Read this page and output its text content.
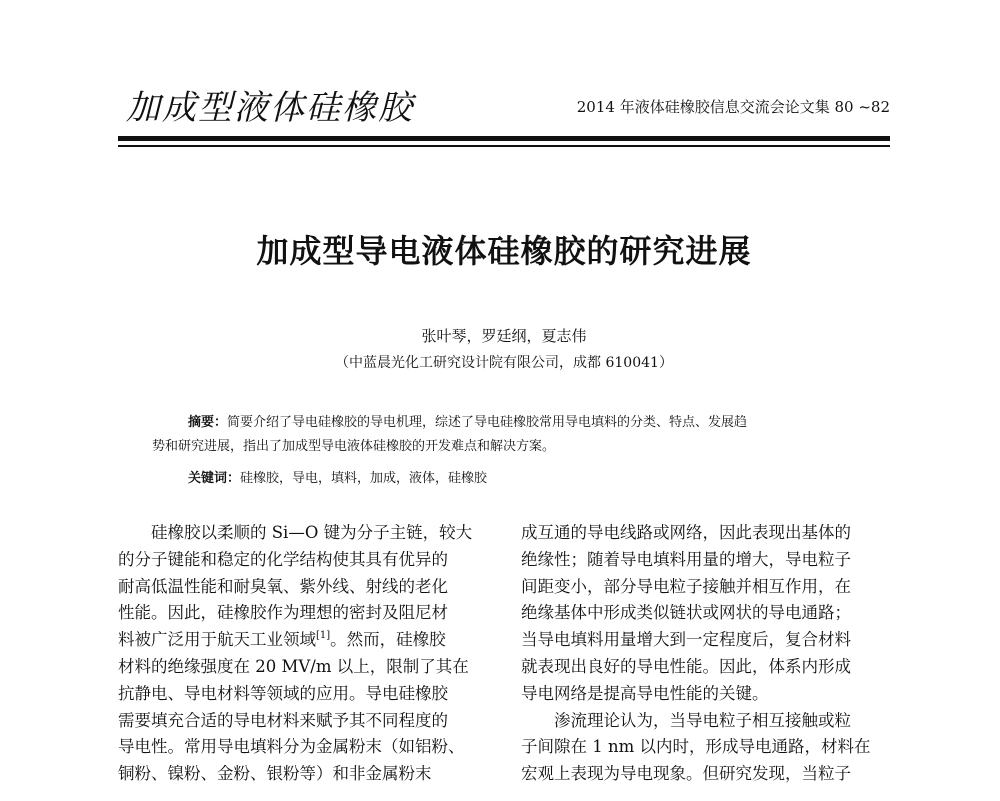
加成型液体硅橡胶	2014 年液体硅橡胶信息交流会论文集 80 ~82
加成型导电液体硅橡胶的研究进展
张叶琴，罗廷纲，夏志伟
（中蓝晨光化工研究设计院有限公司，成都 610041）
摘要：简要介绍了导电硅橡胶的导电机理，综述了导电硅橡胶常用导电填料的分类、特点、发展趋
势和研究进展，指出了加成型导电液体硅橡胶的开发难点和解决方案。
关键词：硅橡胶，导电，填料，加成，液体，硅橡胶
硅橡胶以柔顺的 Si—O 键为分子主链，较大
的分子键能和稳定的化学结构使其具有优异的
耐高低温性能和耐臭氧、紫外线、射线的老化
性能。因此，硅橡胶作为理想的密封及阻尼材
料被广泛用于航天工业领域[1]。然而，硅橡胶
材料的绝缘强度在 20 MV/m 以上，限制了其在
抗静电、导电材料等领域的应用。导电硅橡胶
需要填充合适的导电材料来赋予其不同程度的
导电性。常用导电填料分为金属粉末（如铝粉、
铜粉、镍粉、金粉、银粉等）和非金属粉末
成互通的导电线路或网络，因此表现出基体的
绝缘性；随着导电填料用量的增大，导电粒子
间距变小，部分导电粒子接触并相互作用，在
绝缘基体中形成类似链状或网状的导电通路；
当导电填料用量增大到一定程度后，复合材料
就表现出良好的导电性能。因此，体系内形成
导电网络是提高导电性能的关键。
渗流理论认为，当导电粒子相互接触或粒
子间隙在 1 nm 以内时，形成导电通路，材料在
宏观上表现为导电现象。但研究发现，当粒子
